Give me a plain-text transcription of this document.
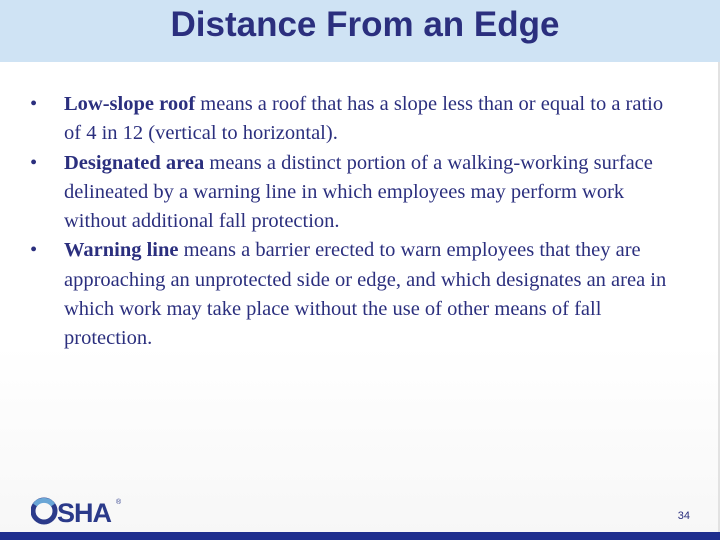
Distance From an Edge
• Low-slope roof means a roof that has a slope less than or equal to a ratio of 4 in 12 (vertical to horizontal).
• Designated area means a distinct portion of a walking-working surface delineated by a warning line in which employees may perform work without additional fall protection.
• Warning line means a barrier erected to warn employees that they are approaching an unprotected side or edge, and which designates an area in which work may take place without the use of other means of fall protection.
SHA ®
34
